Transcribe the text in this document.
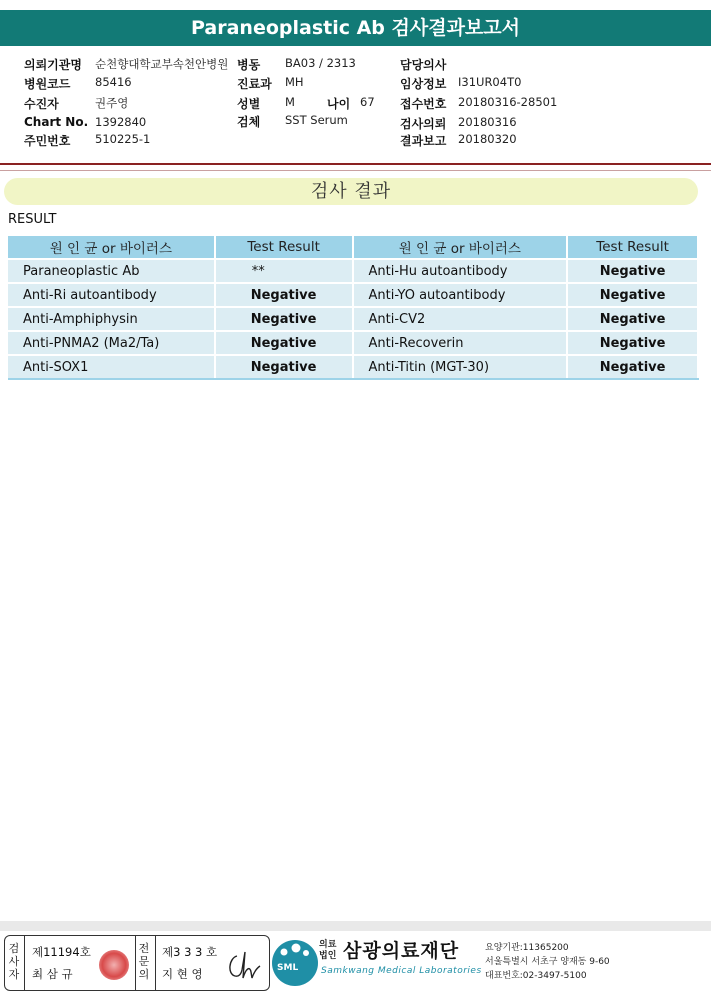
Paraneoplastic Ab 검사결과보고서
의뢰기관명 순천향대학교부속천안병원 병동 BA03 / 2313	담당의사
병원코드 85416	진료과 MH	임상정보 I31UR04T0
수진자	권주영	성별 M	나이 67 접수번호 20180316-28501
Chart No. 1392840	검체 SST Serum	검사의뢰 20180316
주민번호 510225-1	결과보고 20180320
검사 결과
RESULT
원 인 균 or 바이러스	Test Result	원 인 균 or 바이러스	Test Result
Paraneoplastic Ab	**	Anti-Hu autoantibody	Negative
Anti-Ri autoantibody	Negative	Anti-YO autoantibody	Negative
Anti-Amphiphysin	Negative	Anti-CV2	Negative
Anti-PNMA2 (Ma2/Ta)	Negative	Anti-Recoverin	Negative
Anti-SOX1	Negative	Anti-Titin (MGT-30)	Negative
검
사
자
제11194호
최 삼 규
전
문
의
제3 3 3 호
지 현 영	SML
의료
법인 삼광의료재단
Samkwang Medical Laboratories
요양기관:11365200
서울특별시 서초구 양재동 9-60
대표번호:02-3497-5100
